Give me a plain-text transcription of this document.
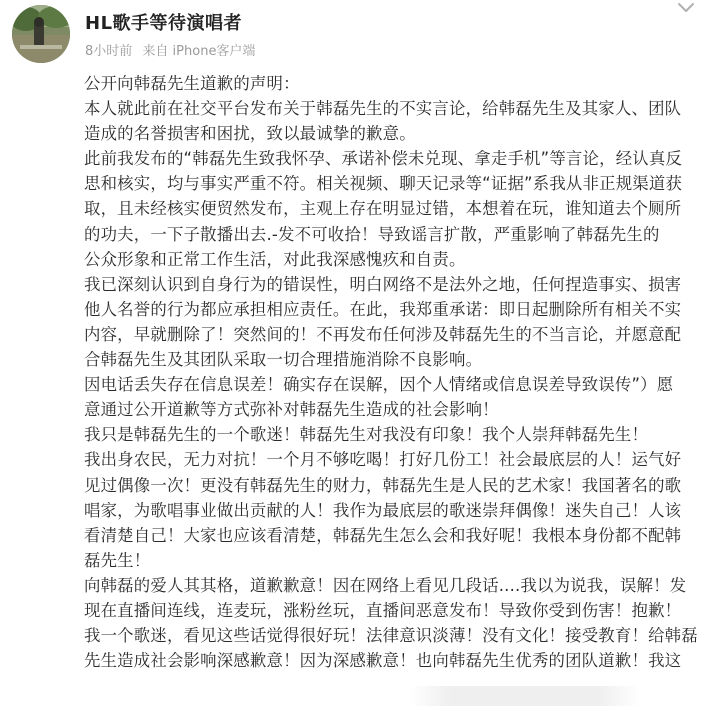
HL歌手等待演唱者
8小时前 来自 iPhone客户端
公开向韩磊先生道歉的声明：
本人就此前在社交平台发布关于韩磊先生的不实言论，给韩磊先生及其家人、团队
造成的名誉损害和困扰，致以最诚挚的歉意。
此前我发布的“韩磊先生致我怀孕、承诺补偿未兑现、拿走手机”等言论，经认真反
思和核实，均与事实严重不符。相关视频、聊天记录等“证据”系我从非正规渠道获
取，且未经核实便贸然发布，主观上存在明显过错，本想着在玩，谁知道去个厕所
的功夫，一下子散播出去.-发不可收拾！导致谣言扩散，严重影响了韩磊先生的
公众形象和正常工作生活，对此我深感愧疚和自责。
我已深刻认识到自身行为的错误性，明白网络不是法外之地，任何捏造事实、损害
他人名誉的行为都应承担相应责任。在此，我郑重承诺：即日起删除所有相关不实
内容，早就删除了！突然间的！不再发布任何涉及韩磊先生的不当言论，并愿意配
合韩磊先生及其团队采取一切合理措施消除不良影响。
因电话丢失存在信息误差！确实存在误解，因个人情绪或信息误差导致误传”）愿
意通过公开道歉等方式弥补对韩磊先生造成的社会影响！
我只是韩磊先生的一个歌迷！韩磊先生对我没有印象！我个人崇拜韩磊先生！
我出身农民，无力对抗！一个月不够吃喝！打好几份工！社会最底层的人！运气好
见过偶像一次！更没有韩磊先生的财力，韩磊先生是人民的艺术家！我国著名的歌
唱家，为歌唱事业做出贡献的人！我作为最底层的歌迷崇拜偶像！迷失自己！人该
看清楚自己！大家也应该看清楚，韩磊先生怎么会和我好呢！我根本身份都不配韩
磊先生！
向韩磊的爱人其其格，道歉歉意！因在网络上看见几段话....我以为说我，误解！发
现在直播间连线，连麦玩，涨粉丝玩，直播间恶意发布！导致你受到伤害！抱歉！
我一个歌迷，看见这些话觉得很好玩！法律意识淡薄！没有文化！接受教育！给韩磊
先生造成社会影响深感歉意！因为深感歉意！也向韩磊先生优秀的团队道歉！我这
